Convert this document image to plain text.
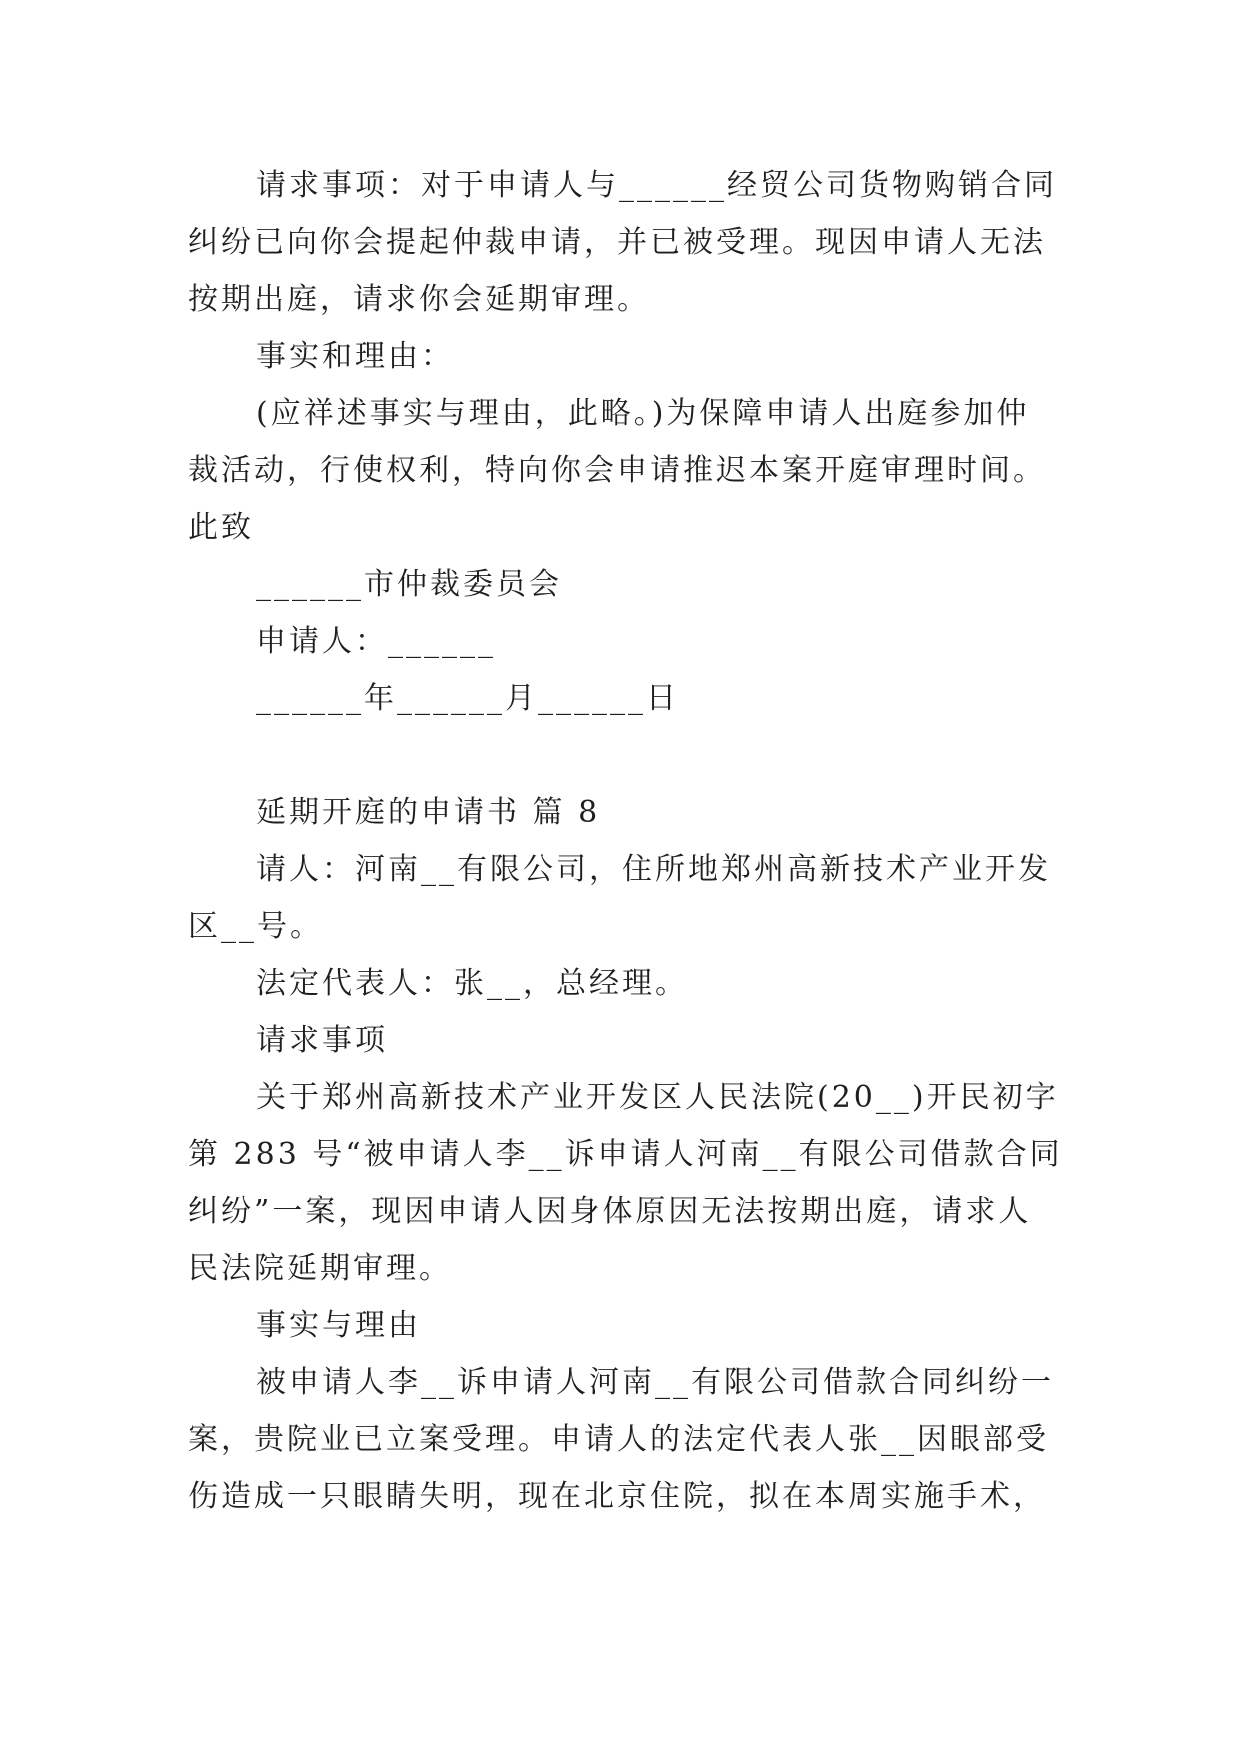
请求事项：对于申请人与______经贸公司货物购销合同
纠纷已向你会提起仲裁申请，并已被受理。现因申请人无法
按期出庭，请求你会延期审理。
事实和理由：
(应祥述事实与理由，此略。)为保障申请人出庭参加仲
裁活动，行使权利，特向你会申请推迟本案开庭审理时间。
此致
______市仲裁委员会
申请人：______
______年______月______日
延期开庭的申请书 篇 8
请人：河南__有限公司，住所地郑州高新技术产业开发
区__号。
法定代表人：张__，总经理。
请求事项
关于郑州高新技术产业开发区人民法院(20__)开民初字
第 283 号“被申请人李__诉申请人河南__有限公司借款合同
纠纷”一案，现因申请人因身体原因无法按期出庭，请求人
民法院延期审理。
事实与理由
被申请人李__诉申请人河南__有限公司借款合同纠纷一
案，贵院业已立案受理。申请人的法定代表人张__因眼部受
伤造成一只眼睛失明，现在北京住院，拟在本周实施手术，
